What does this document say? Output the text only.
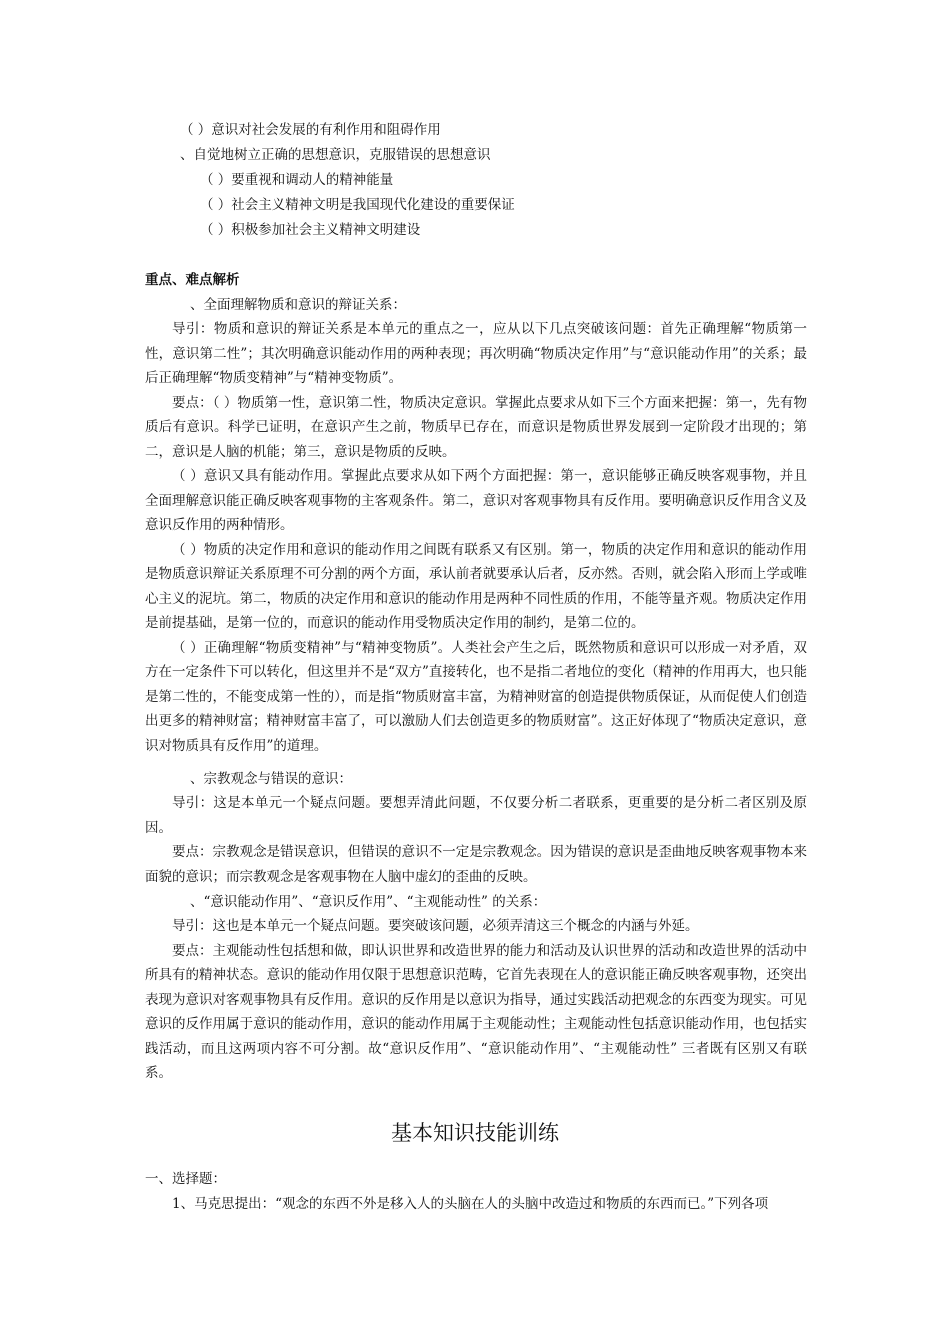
（ ）意识对社会发展的有利作用和阻碍作用
、自觉地树立正确的思想意识，克服错误的思想意识
（ ）要重视和调动人的精神能量
（ ）社会主义精神文明是我国现代化建设的重要保证
（ ）积极参加社会主义精神文明建设
重点、难点解析
、全面理解物质和意识的辩证关系：

导引：物质和意识的辩证关系是本单元的重点之一，应从以下几点突破该问题：首先正确理解“物质第一性，意识第二性”；其次明确意识能动作用的两种表现；再次明确“物质决定作用”与“意识能动作用”的关系；最后正确理解“物质变精神”与“精神变物质”。

要点：（ ）物质第一性，意识第二性，物质决定意识。掌握此点要求从如下三个方面来把握：第一，先有物质后有意识。科学已证明，在意识产生之前，物质早已存在，而意识是物质世界发展到一定阶段才出现的；第二，意识是人脑的机能；第三，意识是物质的反映。

（ ）意识又具有能动作用。掌握此点要求从如下两个方面把握：第一，意识能够正确反映客观事物，并且全面理解意识能正确反映客观事物的主客观条件。第二，意识对客观事物具有反作用。要明确意识反作用含义及意识反作用的两种情形。

（ ）物质的决定作用和意识的能动作用之间既有联系又有区别。第一，物质的决定作用和意识的能动作用是物质意识辩证关系原理不可分割的两个方面，承认前者就要承认后者，反亦然。否则，就会陷入形而上学或唯心主义的泥坑。第二，物质的决定作用和意识的能动作用是两种不同性质的作用，不能等量齐观。物质决定作用是前提基础，是第一位的，而意识的能动作用受物质决定作用的制约，是第二位的。

（ ）正确理解“物质变精神”与“精神变物质”。人类社会产生之后，既然物质和意识可以形成一对矛盾，双方在一定条件下可以转化，但这里并不是“双方”直接转化，也不是指二者地位的变化（精神的作用再大，也只能是第二性的，不能变成第一性的），而是指“物质财富丰富，为精神财富的创造提供物质保证，从而促使人们创造出更多的精神财富；精神财富丰富了，可以激励人们去创造更多的物质财富”。这正好体现了“物质决定意识，意识对物质具有反作用”的道理。

、宗教观念与错误的意识：

导引：这是本单元一个疑点问题。要想弄清此问题，不仅要分析二者联系，更重要的是分析二者区别及原因。

要点：宗教观念是错误意识，但错误的意识不一定是宗教观念。因为错误的意识是歪曲地反映客观事物本来面貌的意识；而宗教观念是客观事物在人脑中虚幻的歪曲的反映。

、“意识能动作用”、“意识反作用”、“主观能动性” 的关系：

导引：这也是本单元一个疑点问题。要突破该问题，必须弄清这三个概念的内涵与外延。

要点：主观能动性包括想和做，即认识世界和改造世界的能力和活动及认识世界的活动和改造世界的活动中所具有的精神状态。意识的能动作用仅限于思想意识范畴，它首先表现在人的意识能正确反映客观事物，还突出表现为意识对客观事物具有反作用。意识的反作用是以意识为指导，通过实践活动把观念的东西变为现实。可见意识的反作用属于意识的能动作用，意识的能动作用属于主观能动性；主观能动性包括意识能动作用，也包括实践活动，而且这两项内容不可分割。故“意识反作用”、“意识能动作用”、“主观能动性” 三者既有区别又有联系。

基本知识技能训练
一、选择题：
1、马克思提出：“观念的东西不外是移入人的头脑在人的头脑中改造过和物质的东西而已。”下列各项
